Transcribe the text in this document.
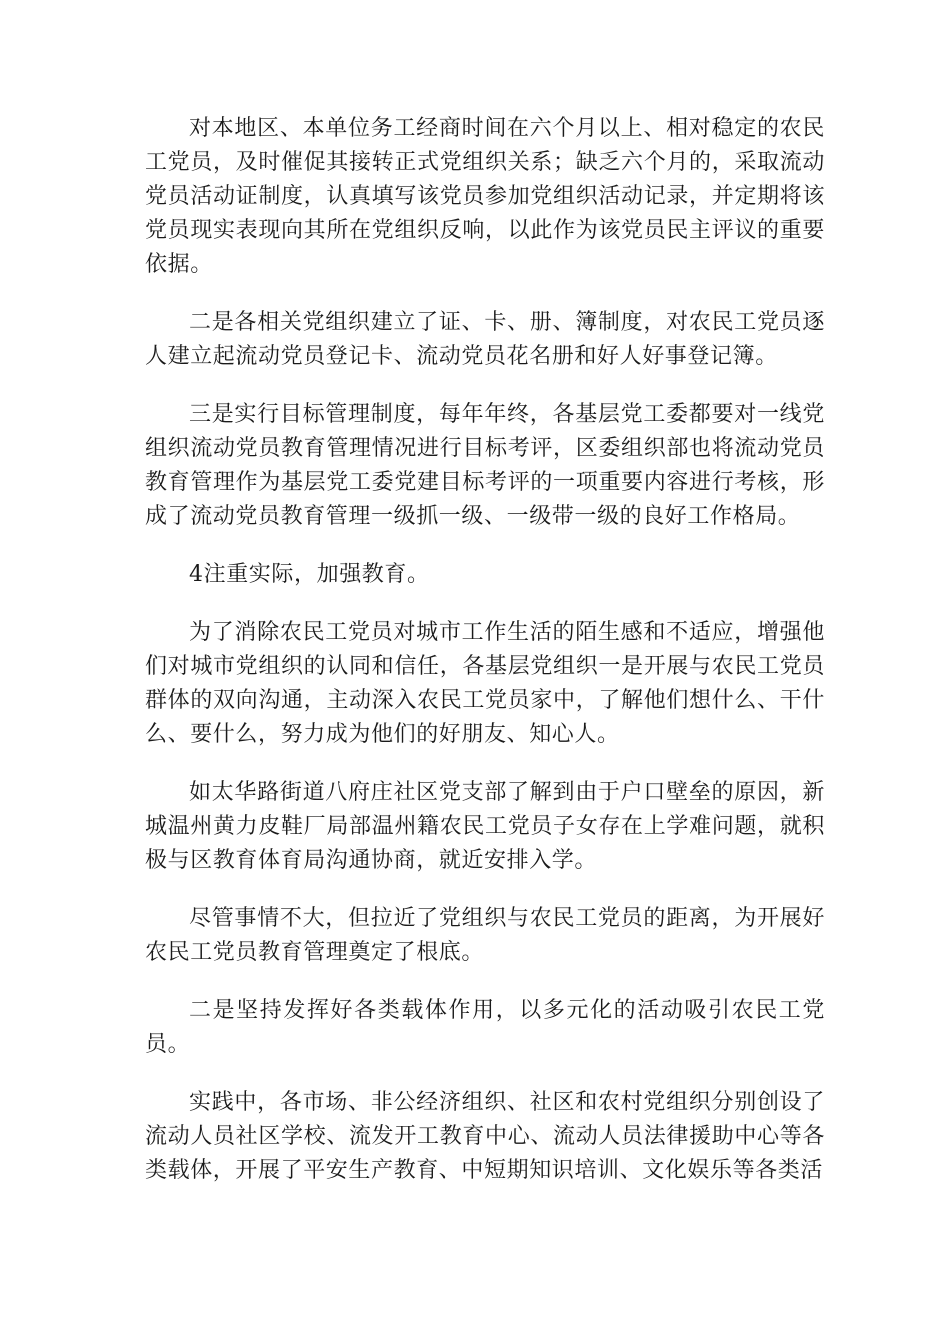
对本地区、本单位务工经商时间在六个月以上、相对稳定的农民工党员，及时催促其接转正式党组织关系；缺乏六个月的，采取流动党员活动证制度，认真填写该党员参加党组织活动记录，并定期将该党员现实表现向其所在党组织反响，以此作为该党员民主评议的重要依据。

二是各相关党组织建立了证、卡、册、簿制度，对农民工党员逐人建立起流动党员登记卡、流动党员花名册和好人好事登记簿。

三是实行目标管理制度，每年年终，各基层党工委都要对一线党组织流动党员教育管理情况进行目标考评，区委组织部也将流动党员教育管理作为基层党工委党建目标考评的一项重要内容进行考核，形成了流动党员教育管理一级抓一级、一级带一级的良好工作格局。

4注重实际，加强教育。

为了消除农民工党员对城市工作生活的陌生感和不适应，增强他们对城市党组织的认同和信任，各基层党组织一是开展与农民工党员群体的双向沟通，主动深入农民工党员家中，了解他们想什么、干什么、要什么，努力成为他们的好朋友、知心人。

如太华路街道八府庄社区党支部了解到由于户口壁垒的原因，新城温州黄力皮鞋厂局部温州籍农民工党员子女存在上学难问题，就积极与区教育体育局沟通协商，就近安排入学。

尽管事情不大，但拉近了党组织与农民工党员的距离，为开展好农民工党员教育管理奠定了根底。

二是坚持发挥好各类载体作用，以多元化的活动吸引农民工党员。

实践中，各市场、非公经济组织、社区和农村党组织分别创设了流动人员社区学校、流发开工教育中心、流动人员法律援助中心等各类载体，开展了平安生产教育、中短期知识培训、文化娱乐等各类活
